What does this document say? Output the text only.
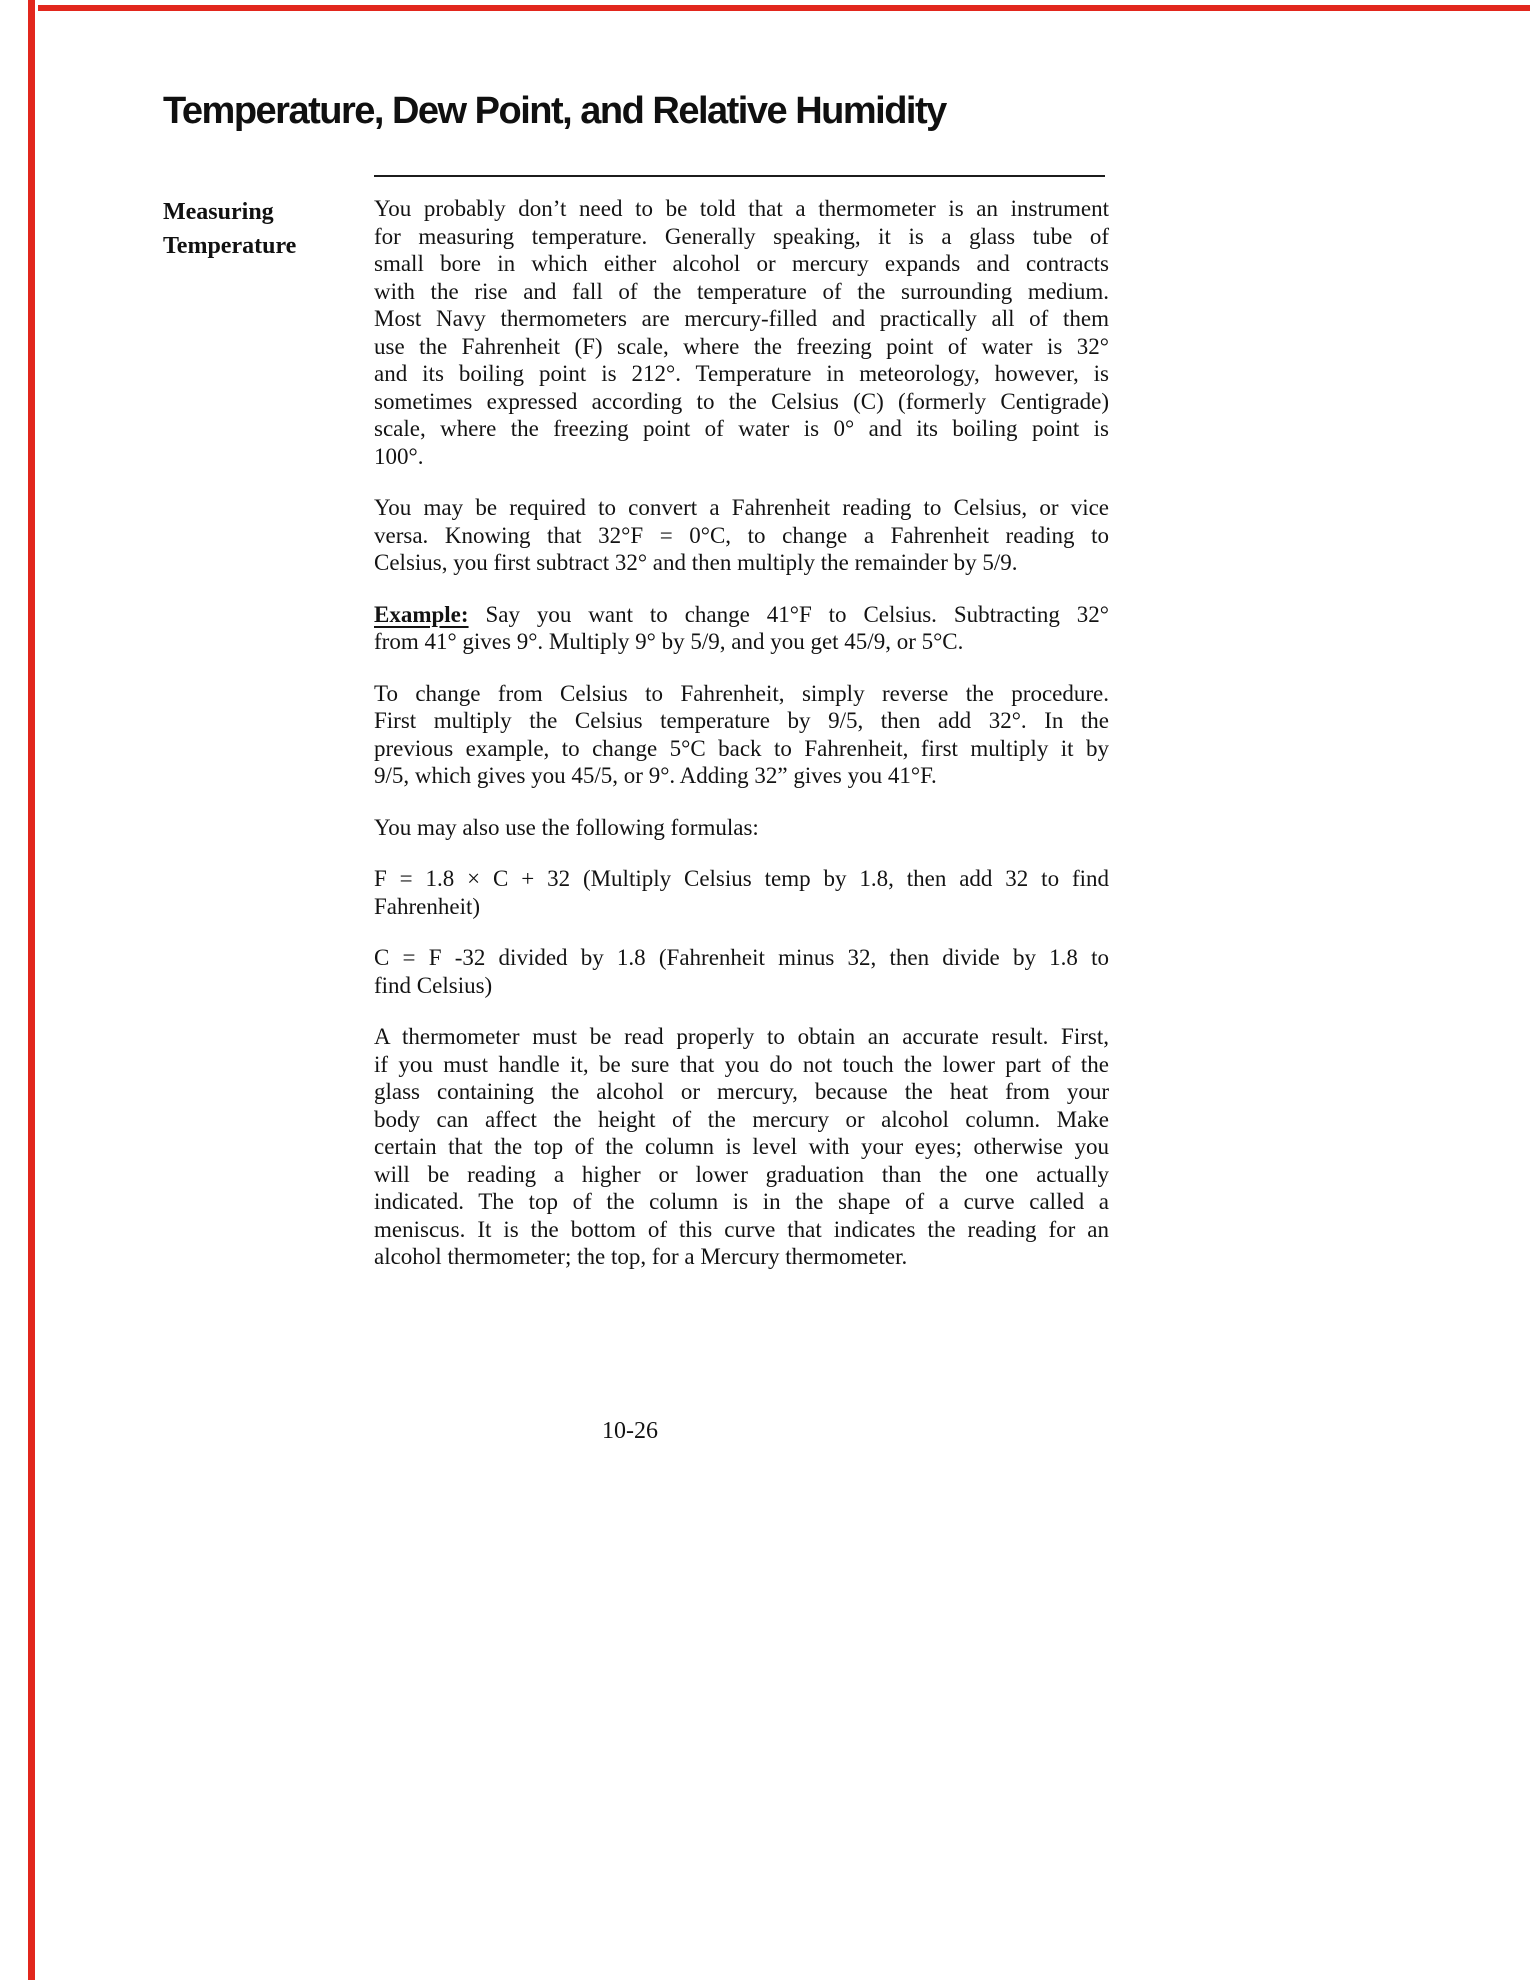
Temperature, Dew Point, and Relative Humidity
Measuring
Temperature
You probably don’t need to be told that a thermometer is an instrument
for measuring temperature. Generally speaking, it is a glass tube of
small bore in which either alcohol or mercury expands and contracts
with the rise and fall of the temperature of the surrounding medium.
Most Navy thermometers are mercury-filled and practically all of them
use the Fahrenheit (F) scale, where the freezing point of water is 32°
and its boiling point is 212°. Temperature in meteorology, however, is
sometimes expressed according to the Celsius (C) (formerly Centigrade)
scale, where the freezing point of water is 0° and its boiling point is
100°.
You may be required to convert a Fahrenheit reading to Celsius, or vice
versa. Knowing that 32°F = 0°C, to change a Fahrenheit reading to
Celsius, you first subtract 32° and then multiply the remainder by 5/9.
Example: Say you want to change 41°F to Celsius. Subtracting 32°
from 41° gives 9°. Multiply 9° by 5/9, and you get 45/9, or 5°C.
To change from Celsius to Fahrenheit, simply reverse the procedure.
First multiply the Celsius temperature by 9/5, then add 32°. In the
previous example, to change 5°C back to Fahrenheit, first multiply it by
9/5, which gives you 45/5, or 9°. Adding 32” gives you 41°F.
You may also use the following formulas:
F = 1.8 × C + 32 (Multiply Celsius temp by 1.8, then add 32 to find
Fahrenheit)
C = F -32 divided by 1.8 (Fahrenheit minus 32, then divide by 1.8 to
find Celsius)
A thermometer must be read properly to obtain an accurate result. First,
if you must handle it, be sure that you do not touch the lower part of the
glass containing the alcohol or mercury, because the heat from your
body can affect the height of the mercury or alcohol column. Make
certain that the top of the column is level with your eyes; otherwise you
will be reading a higher or lower graduation than the one actually
indicated. The top of the column is in the shape of a curve called a
meniscus. It is the bottom of this curve that indicates the reading for an
alcohol thermometer; the top, for a Mercury thermometer.
10-26
